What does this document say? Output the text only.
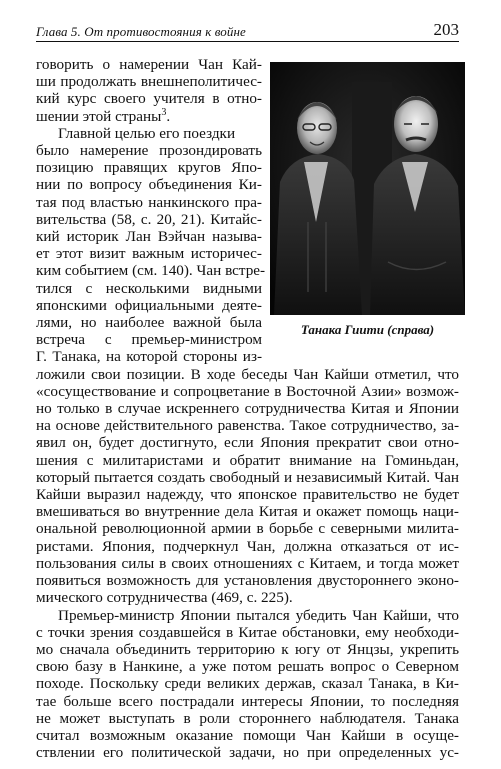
Глава 5. От противостояния к войне	203
Танака Гиити (справа)

говорить о намерении Чан Кай-
ши продолжать внешнеполитичес-
кий курс своего учителя в отно-
шении этой страны$^3$.

Главной целью его поездки
было намерение прозондировать
позицию правящих кругов Япо-
нии по вопросу объединения Ки-
тая под властью нанкинского пра-
вительства (58, с. 20, 21). Китайс-
кий историк Лан Вэйчан называ-
ет этот визит важным историчес-
ким событием (см. 140). Чан встре-
тился с несколькими видными
японскими официальными деяте-
лями, но наиболее важной была
встреча с премьер-министром
Г. Танака, на которой стороны из-

ложили свои позиции. В ходе беседы Чан Кайши отметил, что
«сосуществование и сопроцветание в Восточной Азии» возмож-
но только в случае искреннего сотрудничества Китая и Японии
на основе действительного равенства. Такое сотрудничество, за-
явил он, будет достигнуто, если Япония прекратит свои отно-
шения с милитаристами и обратит внимание на Гоминьдан,
который пытается создать свободный и независимый Китай. Чан
Кайши выразил надежду, что японское правительство не будет
вмешиваться во внутренние дела Китая и окажет помощь наци-
ональной революционной армии в борьбе с северными милита-
ристами. Япония, подчеркнул Чан, должна отказаться от ис-
пользования силы в своих отношениях с Китаем, и тогда может
появиться возможность для установления двустороннего эконо-
мического сотрудничества (469, с. 225).

Премьер-министр Японии пытался убедить Чан Кайши, что
с точки зрения создавшейся в Китае обстановки, ему необходи-
мо сначала объединить территорию к югу от Янцзы, укрепить
свою базу в Нанкине, а уже потом решать вопрос о Северном
походе. Поскольку среди великих держав, сказал Танака, в Ки-
тае больше всего пострадали интересы Японии, то последняя
не может выступать в роли стороннего наблюдателя. Танака
считал возможным оказание помощи Чан Кайши в осуще-
ствлении его политической задачи, но при определенных ус-
